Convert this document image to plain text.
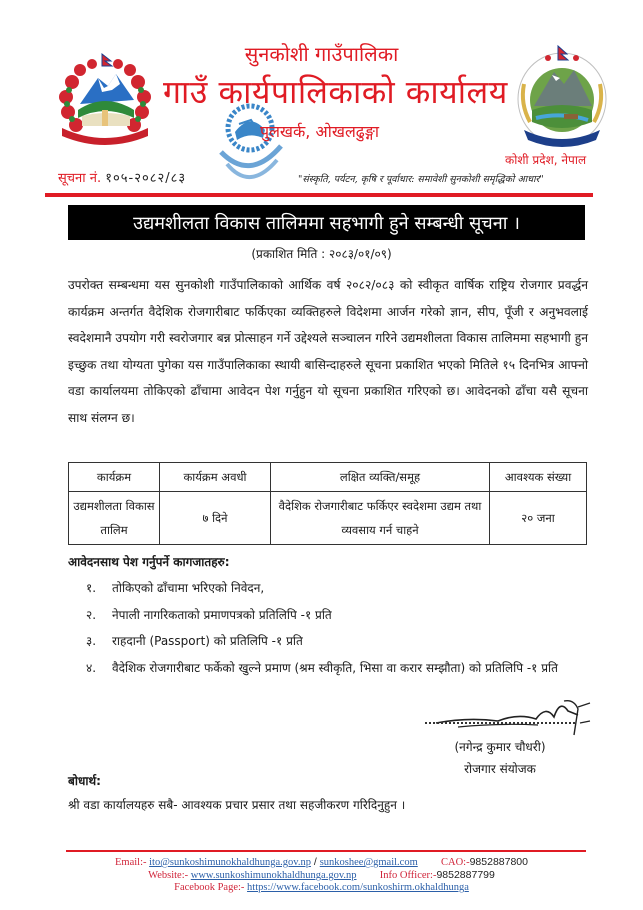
सुनकोशी गाउँपालिका
गाउँ कार्यपालिकाको कार्यालय
पुलखर्क, ओखलढुङ्गा
कोशी प्रदेश, नेपाल
सूचना नं. १०५-२०८२/८३	"संस्कृति, पर्यटन, कृषि र पूर्वाधार: समावेशी सुनकोशी समृद्धिको आधार"
उद्यमशीलता विकास तालिममा सहभागी हुने सम्बन्धी सूचना ।
(प्रकाशित मिति : २०८३/०१/०९)
उपरोक्त सम्बन्धमा यस सुनकोशी गाउँपालिकाको आर्थिक वर्ष २०८२/०८३ को स्वीकृत वार्षिक राष्ट्रिय रोजगार प्रवर्द्धन कार्यक्रम अन्तर्गत वैदेशिक रोजगारीबाट फर्किएका व्यक्तिहरुले विदेशमा आर्जन गरेको ज्ञान, सीप, पूँजी र अनुभवलाई स्वदेशमानै उपयोग गरी स्वरोजगार बन्न प्रोत्साहन गर्ने उद्देश्यले सञ्चालन गरिने उद्यमशीलता विकास तालिममा सहभागी हुन इच्छुक तथा योग्यता पुगेका यस गाउँपालिकाका स्थायी बासिन्दाहरुले सूचना प्रकाशित भएको मितिले १५ दिनभित्र आफ्नो वडा कार्यालयमा तोकिएको ढाँचामा आवेदन पेश गर्नुहुन यो सूचना प्रकाशित गरिएको छ। आवेदनको ढाँचा यसै सूचना साथ संलग्न छ।
कार्यक्रम	कार्यक्रम अवधी	लक्षित व्यक्ति/समूह	आवश्यक संख्या
उद्यमशीलता विकास तालिम	७ दिने	वैदेशिक रोजगारीबाट फर्किएर स्वदेशमा उद्यम तथा व्यवसाय गर्न चाहने	२० जना
आवेदनसाथ पेश गर्नुपर्ने कागजातहरु:
१.	तोकिएको ढाँचामा भरिएको निवेदन,
२.	नेपाली नागरिकताको प्रमाणपत्रको प्रतिलिपि -१ प्रति
३.	राहदानी (Passport) को प्रतिलिपि -१ प्रति
४.	वैदेशिक रोजगारीबाट फर्केको खुल्ने प्रमाण (श्रम स्वीकृति, भिसा वा करार सम्झौता) को प्रतिलिपि -१ प्रति
(नगेन्द्र कुमार चौधरी)
रोजगार संयोजक
बोधार्थ:
श्री वडा कार्यालयहरु सबै- आवश्यक प्रचार प्रसार तथा सहजीकरण गरिदिनुहुन ।
Email:- ito@sunkoshimunokhaldhunga.gov.np / sunkoshee@gmail.com CAO:-9852887800
Website:- www.sunkoshimunokhaldhunga.gov.np Info Officer:-9852887799
Facebook Page:- https://www.facebook.com/sunkoshirm.okhaldhunga
